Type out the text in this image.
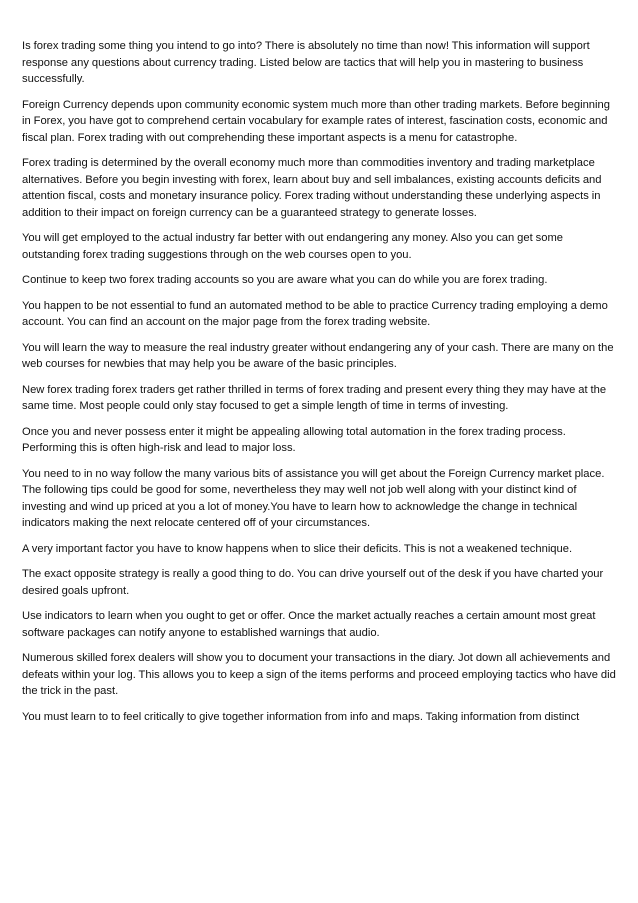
Is forex trading some thing you intend to go into? There is absolutely no time than now! This information will support response any questions about currency trading. Listed below are tactics that will help you in mastering to business successfully.

Foreign Currency depends upon community economic system much more than other trading markets. Before beginning in Forex, you have got to comprehend certain vocabulary for example rates of interest, fascination costs, economic and fiscal plan. Forex trading with out comprehending these important aspects is a menu for catastrophe.

Forex trading is determined by the overall economy much more than commodities inventory and trading marketplace alternatives. Before you begin investing with forex, learn about buy and sell imbalances, existing accounts deficits and attention fiscal, costs and monetary insurance policy. Forex trading without understanding these underlying aspects in addition to their impact on foreign currency can be a guaranteed strategy to generate losses.

You will get employed to the actual industry far better with out endangering any money. Also you can get some outstanding forex trading suggestions through on the web courses open to you.

Continue to keep two forex trading accounts so you are aware what you can do while you are forex trading.

You happen to be not essential to fund an automated method to be able to practice Currency trading employing a demo account. You can find an account on the major page from the forex trading website.

You will learn the way to measure the real industry greater without endangering any of your cash. There are many on the web courses for newbies that may help you be aware of the basic principles.

New forex trading forex traders get rather thrilled in terms of forex trading and present every thing they may have at the same time. Most people could only stay focused to get a simple length of time in terms of investing.

Once you and never possess enter it might be appealing allowing total automation in the forex trading process. Performing this is often high-risk and lead to major loss.

You need to in no way follow the many various bits of assistance you will get about the Foreign Currency market place. The following tips could be good for some, nevertheless they may well not job well along with your distinct kind of investing and wind up priced at you a lot of money.You have to learn how to acknowledge the change in technical indicators making the next relocate centered off of your circumstances.

A very important factor you have to know happens when to slice their deficits. This is not a weakened technique.

The exact opposite strategy is really a good thing to do. You can drive yourself out of the desk if you have charted your desired goals upfront.

Use indicators to learn when you ought to get or offer. Once the market actually reaches a certain amount most great software packages can notify anyone to established warnings that audio.

Numerous skilled forex dealers will show you to document your transactions in the diary. Jot down all achievements and defeats within your log. This allows you to keep a sign of the items performs and proceed employing tactics who have did the trick in the past.

You must learn to to feel critically to give together information from info and maps. Taking information from distinct
